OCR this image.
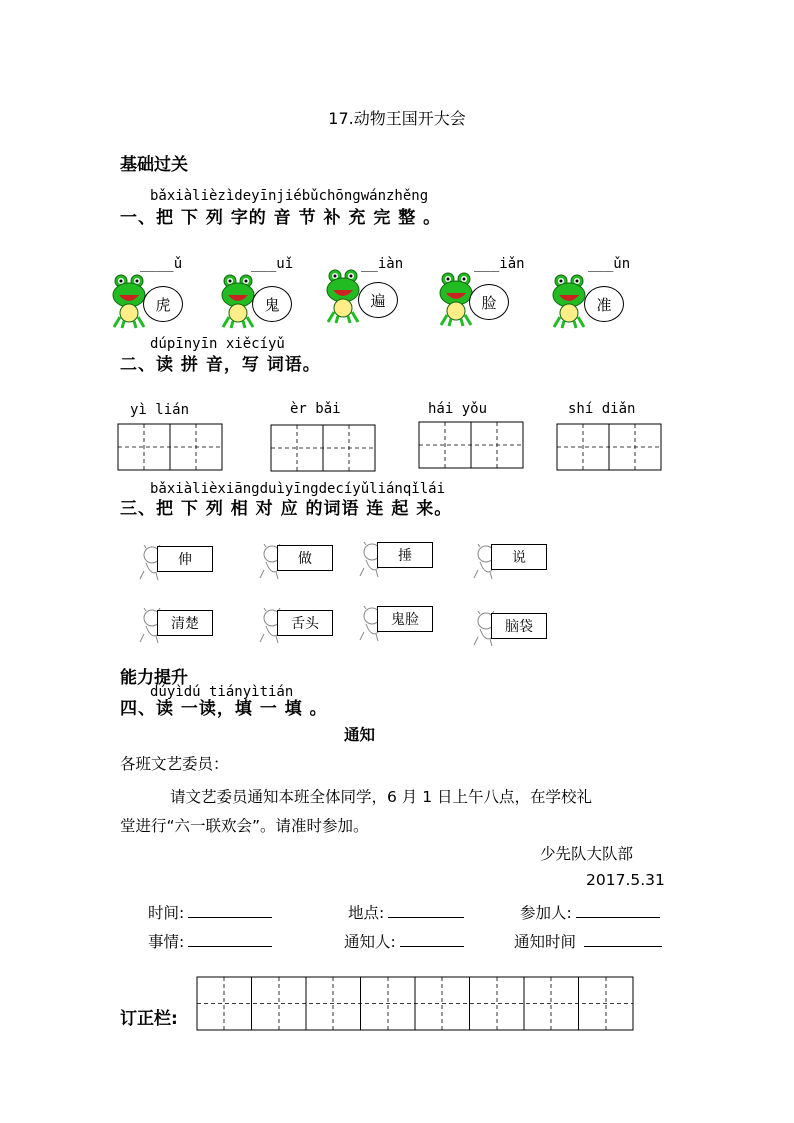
17.动物王国开大会
基础过关
bǎxiàlièzìdeyīnjiébǔchōngwánzhěng
一、把 下 列 字的 音 节 补 充 完 整 。
____ǔ
虎
___uǐ
鬼
__iàn
遍
___iǎn
脸
___ǔn
准
dúpīnyīn xiěcíyǔ
二、读 拼 音，写 词语。
yì lián	èr bǎi	hái yǒu	shí diǎn
bǎxiàlièxiāngduìyīngdecíyǔliánqǐlái
三、把 下 列 相 对 应 的词语 连 起 来。
伸	做	捶	说
清楚	舌头	鬼脸	脑袋
能力提升
dúyìdú tiányìtián
四、读 一读，填 一 填 。
通知
各班文艺委员：
请文艺委员通知本班全体同学，6 月 1 日上午八点，在学校礼
堂进行“六一联欢会”。请准时参加。
少先队大队部
2017.5.31
时间:	地点:	参加人:
事情:	通知人:	通知时间
订正栏:
